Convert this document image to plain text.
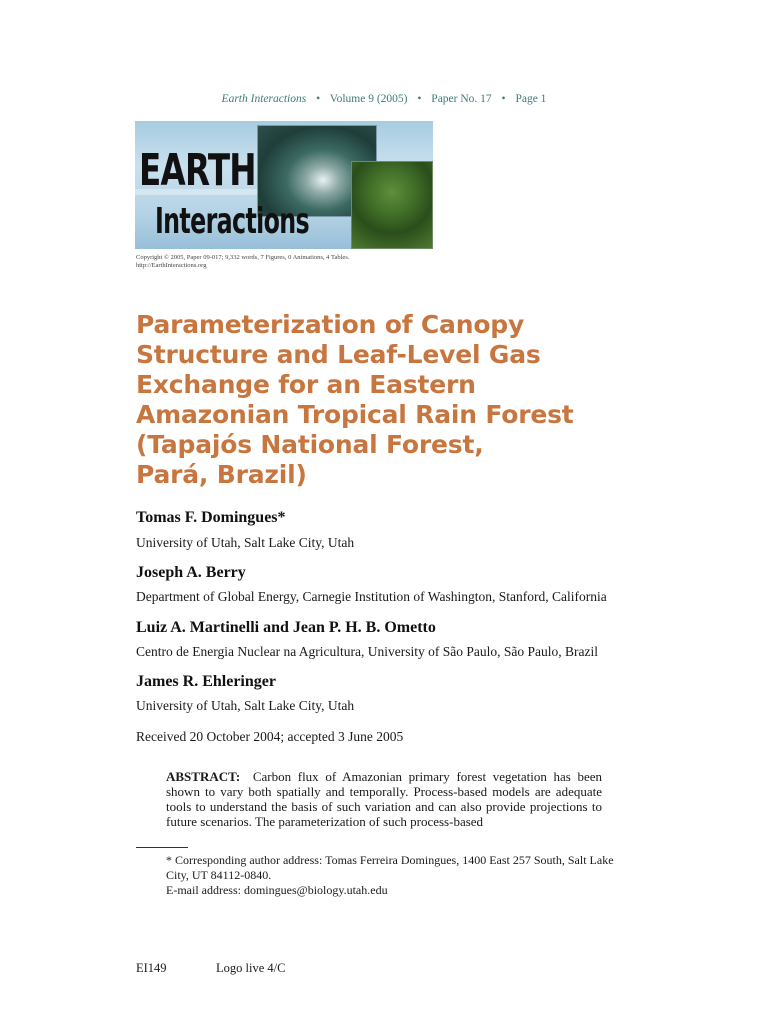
Earth Interactions • Volume 9 (2005) • Paper No. 17 • Page 1
EARTH
Interactions
Copyright © 2005, Paper 09-017; 9,332 words, 7 Figures, 0 Animations, 4 Tables.
http://EarthInteractions.org
Parameterization of Canopy
Structure and Leaf-Level Gas
Exchange for an Eastern
Amazonian Tropical Rain Forest
(Tapajós National Forest,
Pará, Brazil)

Tomas F. Domingues*

University of Utah, Salt Lake City, Utah

Joseph A. Berry

Department of Global Energy, Carnegie Institution of Washington, Stanford, California

Luiz A. Martinelli and Jean P. H. B. Ometto

Centro de Energia Nuclear na Agricultura, University of São Paulo, São Paulo, Brazil

James R. Ehleringer

University of Utah, Salt Lake City, Utah

Received 20 October 2004; accepted 3 June 2005

ABSTRACT: Carbon flux of Amazonian primary forest vegetation has been shown to vary both spatially and temporally. Process-based models are adequate tools to understand the basis of such variation and can also provide projections to future scenarios. The parameterization of such process-based

* Corresponding author address: Tomas Ferreira Domingues, 1400 East 257 South, Salt Lake City, UT 84112-0840.
E-mail address: domingues@biology.utah.edu
EI149	Logo live 4/C
